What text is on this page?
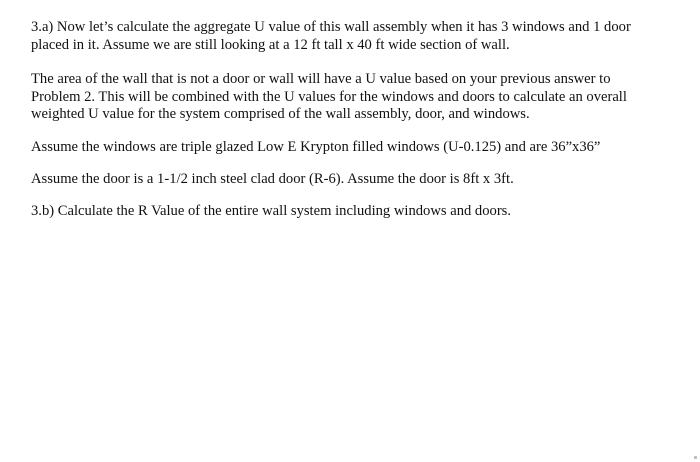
3.a) Now let’s calculate the aggregate U value of this wall assembly when it has 3 windows and 1 door
placed in it. Assume we are still looking at a 12 ft tall x 40 ft wide section of wall.

The area of the wall that is not a door or wall will have a U value based on your previous answer to
Problem 2. This will be combined with the U values for the windows and doors to calculate an overall
weighted U value for the system comprised of the wall assembly, door, and windows.

Assume the windows are triple glazed Low E Krypton filled windows (U-0.125) and are 36”x36”

Assume the door is a 1-1/2 inch steel clad door (R-6). Assume the door is 8ft x 3ft.

3.b) Calculate the R Value of the entire wall system including windows and doors.
